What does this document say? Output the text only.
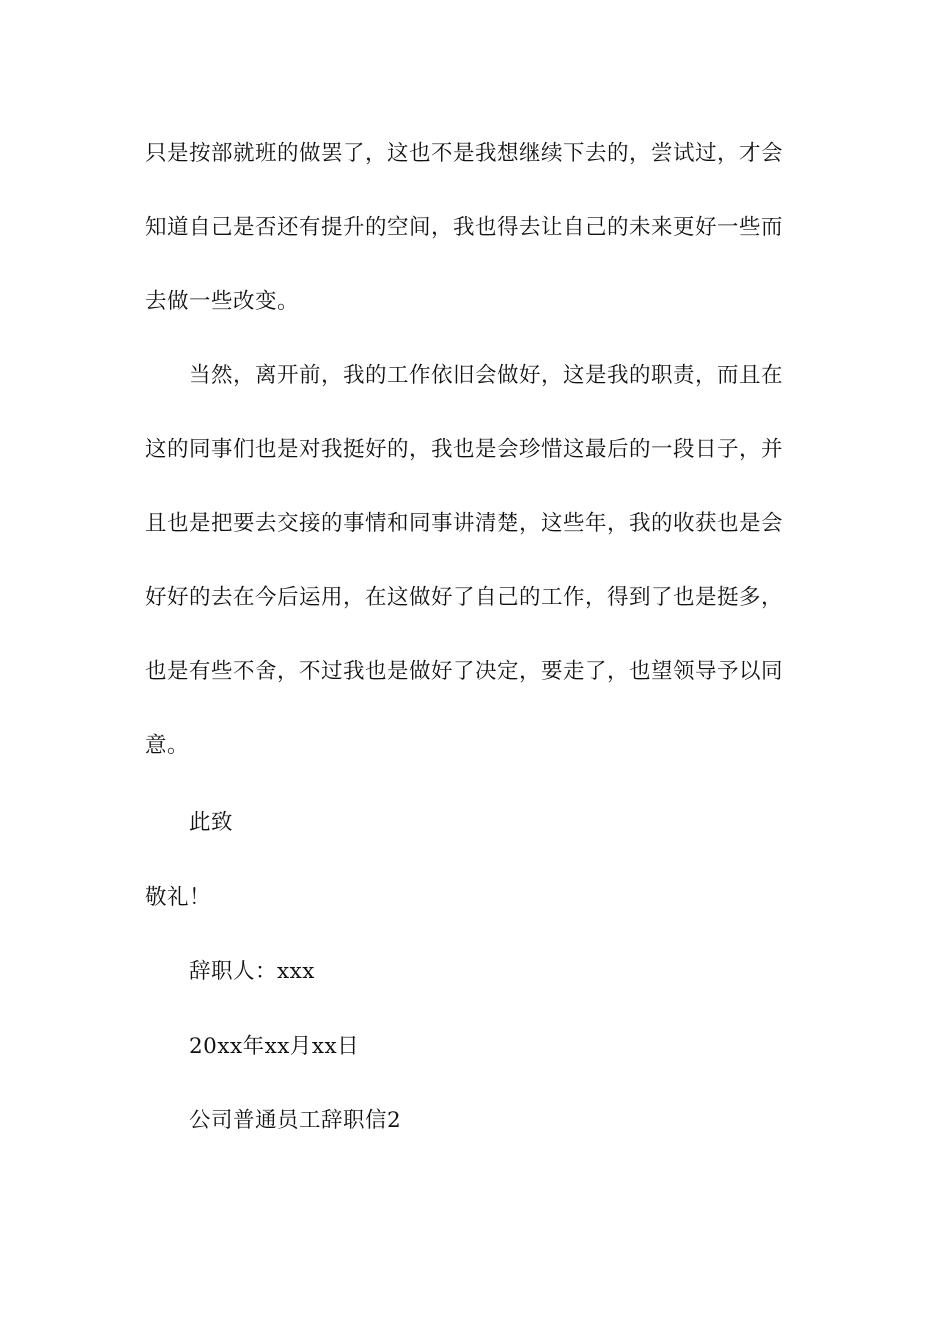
只是按部就班的做罢了，这也不是我想继续下去的，尝试过，才会
知道自己是否还有提升的空间，我也得去让自己的未来更好一些而
去做一些改变。
当然，离开前，我的工作依旧会做好，这是我的职责，而且在
这的同事们也是对我挺好的，我也是会珍惜这最后的一段日子，并
且也是把要去交接的事情和同事讲清楚，这些年，我的收获也是会
好好的去在今后运用，在这做好了自己的工作，得到了也是挺多，
也是有些不舍，不过我也是做好了决定，要走了，也望领导予以同
意。
此致
敬礼！
辞职人：xxx
20xx年xx月xx日
公司普通员工辞职信2
